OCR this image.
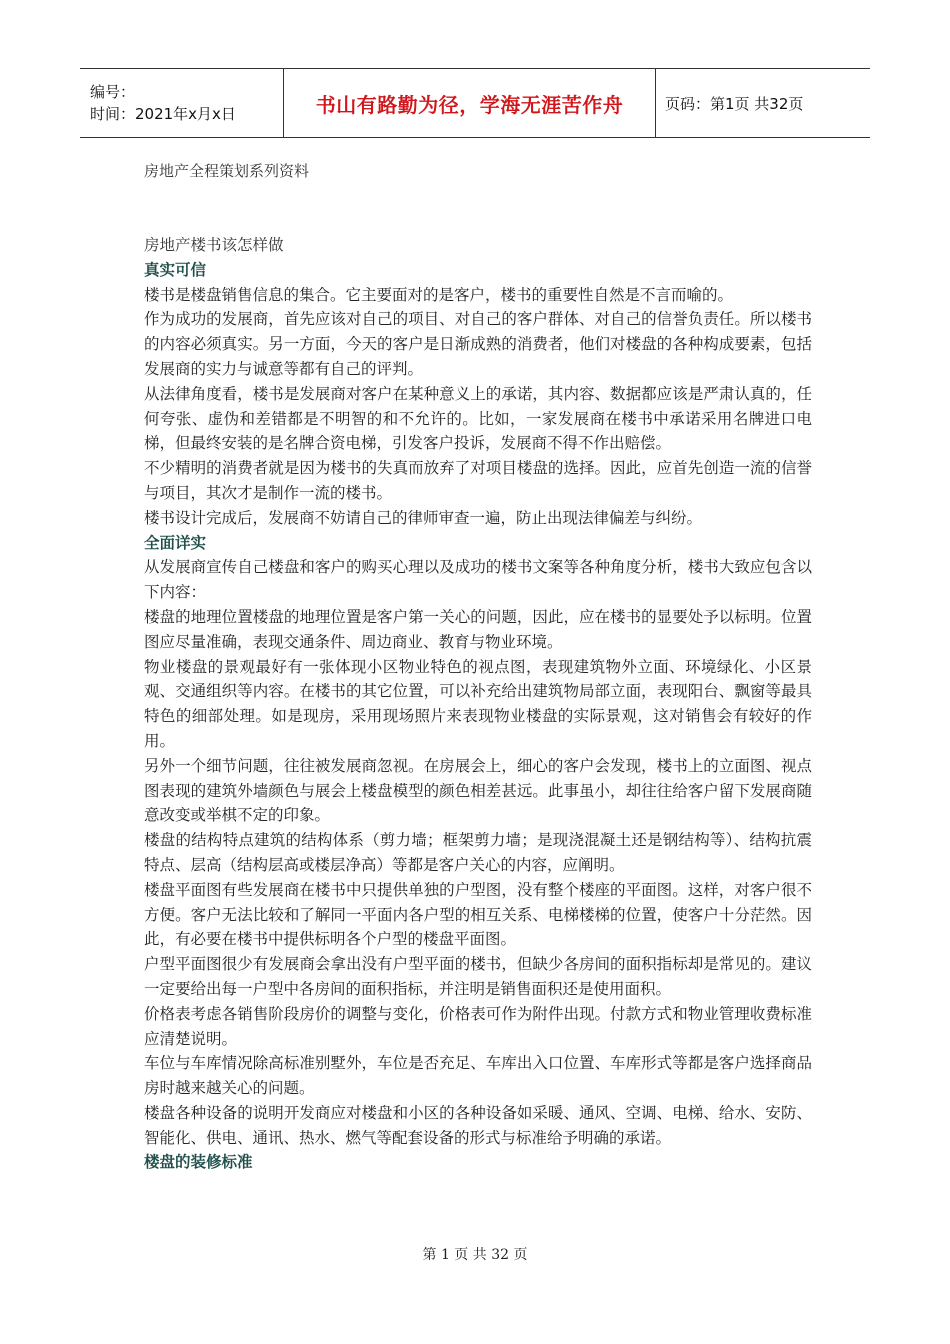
编号：
时间：2021年x月x日	书山有路勤为径，学海无涯苦作舟	页码：第1页 共32页
房地产全程策划系列资料

房地产楼书该怎样做

真实可信

楼书是楼盘销售信息的集合。它主要面对的是客户，楼书的重要性自然是不言而喻的。

作为成功的发展商，首先应该对自己的项目、对自己的客户群体、对自己的信誉负责任。所以楼书的内容必须真实。另一方面，今天的客户是日渐成熟的消费者，他们对楼盘的各种构成要素，包括发展商的实力与诚意等都有自己的评判。

从法律角度看，楼书是发展商对客户在某种意义上的承诺，其内容、数据都应该是严肃认真的，任何夸张、虚伪和差错都是不明智的和不允许的。比如，一家发展商在楼书中承诺采用名牌进口电梯，但最终安装的是名牌合资电梯，引发客户投诉，发展商不得不作出赔偿。

不少精明的消费者就是因为楼书的失真而放弃了对项目楼盘的选择。因此，应首先创造一流的信誉与项目，其次才是制作一流的楼书。

楼书设计完成后，发展商不妨请自己的律师审查一遍，防止出现法律偏差与纠纷。

全面详实

从发展商宣传自己楼盘和客户的购买心理以及成功的楼书文案等各种角度分析，楼书大致应包含以下内容：

楼盘的地理位置楼盘的地理位置是客户第一关心的问题，因此，应在楼书的显要处予以标明。位置图应尽量准确，表现交通条件、周边商业、教育与物业环境。

物业楼盘的景观最好有一张体现小区物业特色的视点图，表现建筑物外立面、环境绿化、小区景观、交通组织等内容。在楼书的其它位置，可以补充给出建筑物局部立面，表现阳台、飘窗等最具特色的细部处理。如是现房，采用现场照片来表现物业楼盘的实际景观，这对销售会有较好的作用。

另外一个细节问题，往往被发展商忽视。在房展会上，细心的客户会发现，楼书上的立面图、视点图表现的建筑外墙颜色与展会上楼盘模型的颜色相差甚远。此事虽小，却往往给客户留下发展商随意改变或举棋不定的印象。

楼盘的结构特点建筑的结构体系（剪力墙；框架剪力墙；是现浇混凝土还是钢结构等）、结构抗震特点、层高（结构层高或楼层净高）等都是客户关心的内容，应阐明。

楼盘平面图有些发展商在楼书中只提供单独的户型图，没有整个楼座的平面图。这样，对客户很不方便。客户无法比较和了解同一平面内各户型的相互关系、电梯楼梯的位置，使客户十分茫然。因此，有必要在楼书中提供标明各个户型的楼盘平面图。

户型平面图很少有发展商会拿出没有户型平面的楼书，但缺少各房间的面积指标却是常见的。建议一定要给出每一户型中各房间的面积指标，并注明是销售面积还是使用面积。

价格表考虑各销售阶段房价的调整与变化，价格表可作为附件出现。付款方式和物业管理收费标准应清楚说明。

车位与车库情况除高标准别墅外，车位是否充足、车库出入口位置、车库形式等都是客户选择商品房时越来越关心的问题。

楼盘各种设备的说明开发商应对楼盘和小区的各种设备如采暖、通风、空调、电梯、给水、安防、智能化、供电、通讯、热水、燃气等配套设备的形式与标准给予明确的承诺。

楼盘的装修标准

第 1 页 共 32 页
